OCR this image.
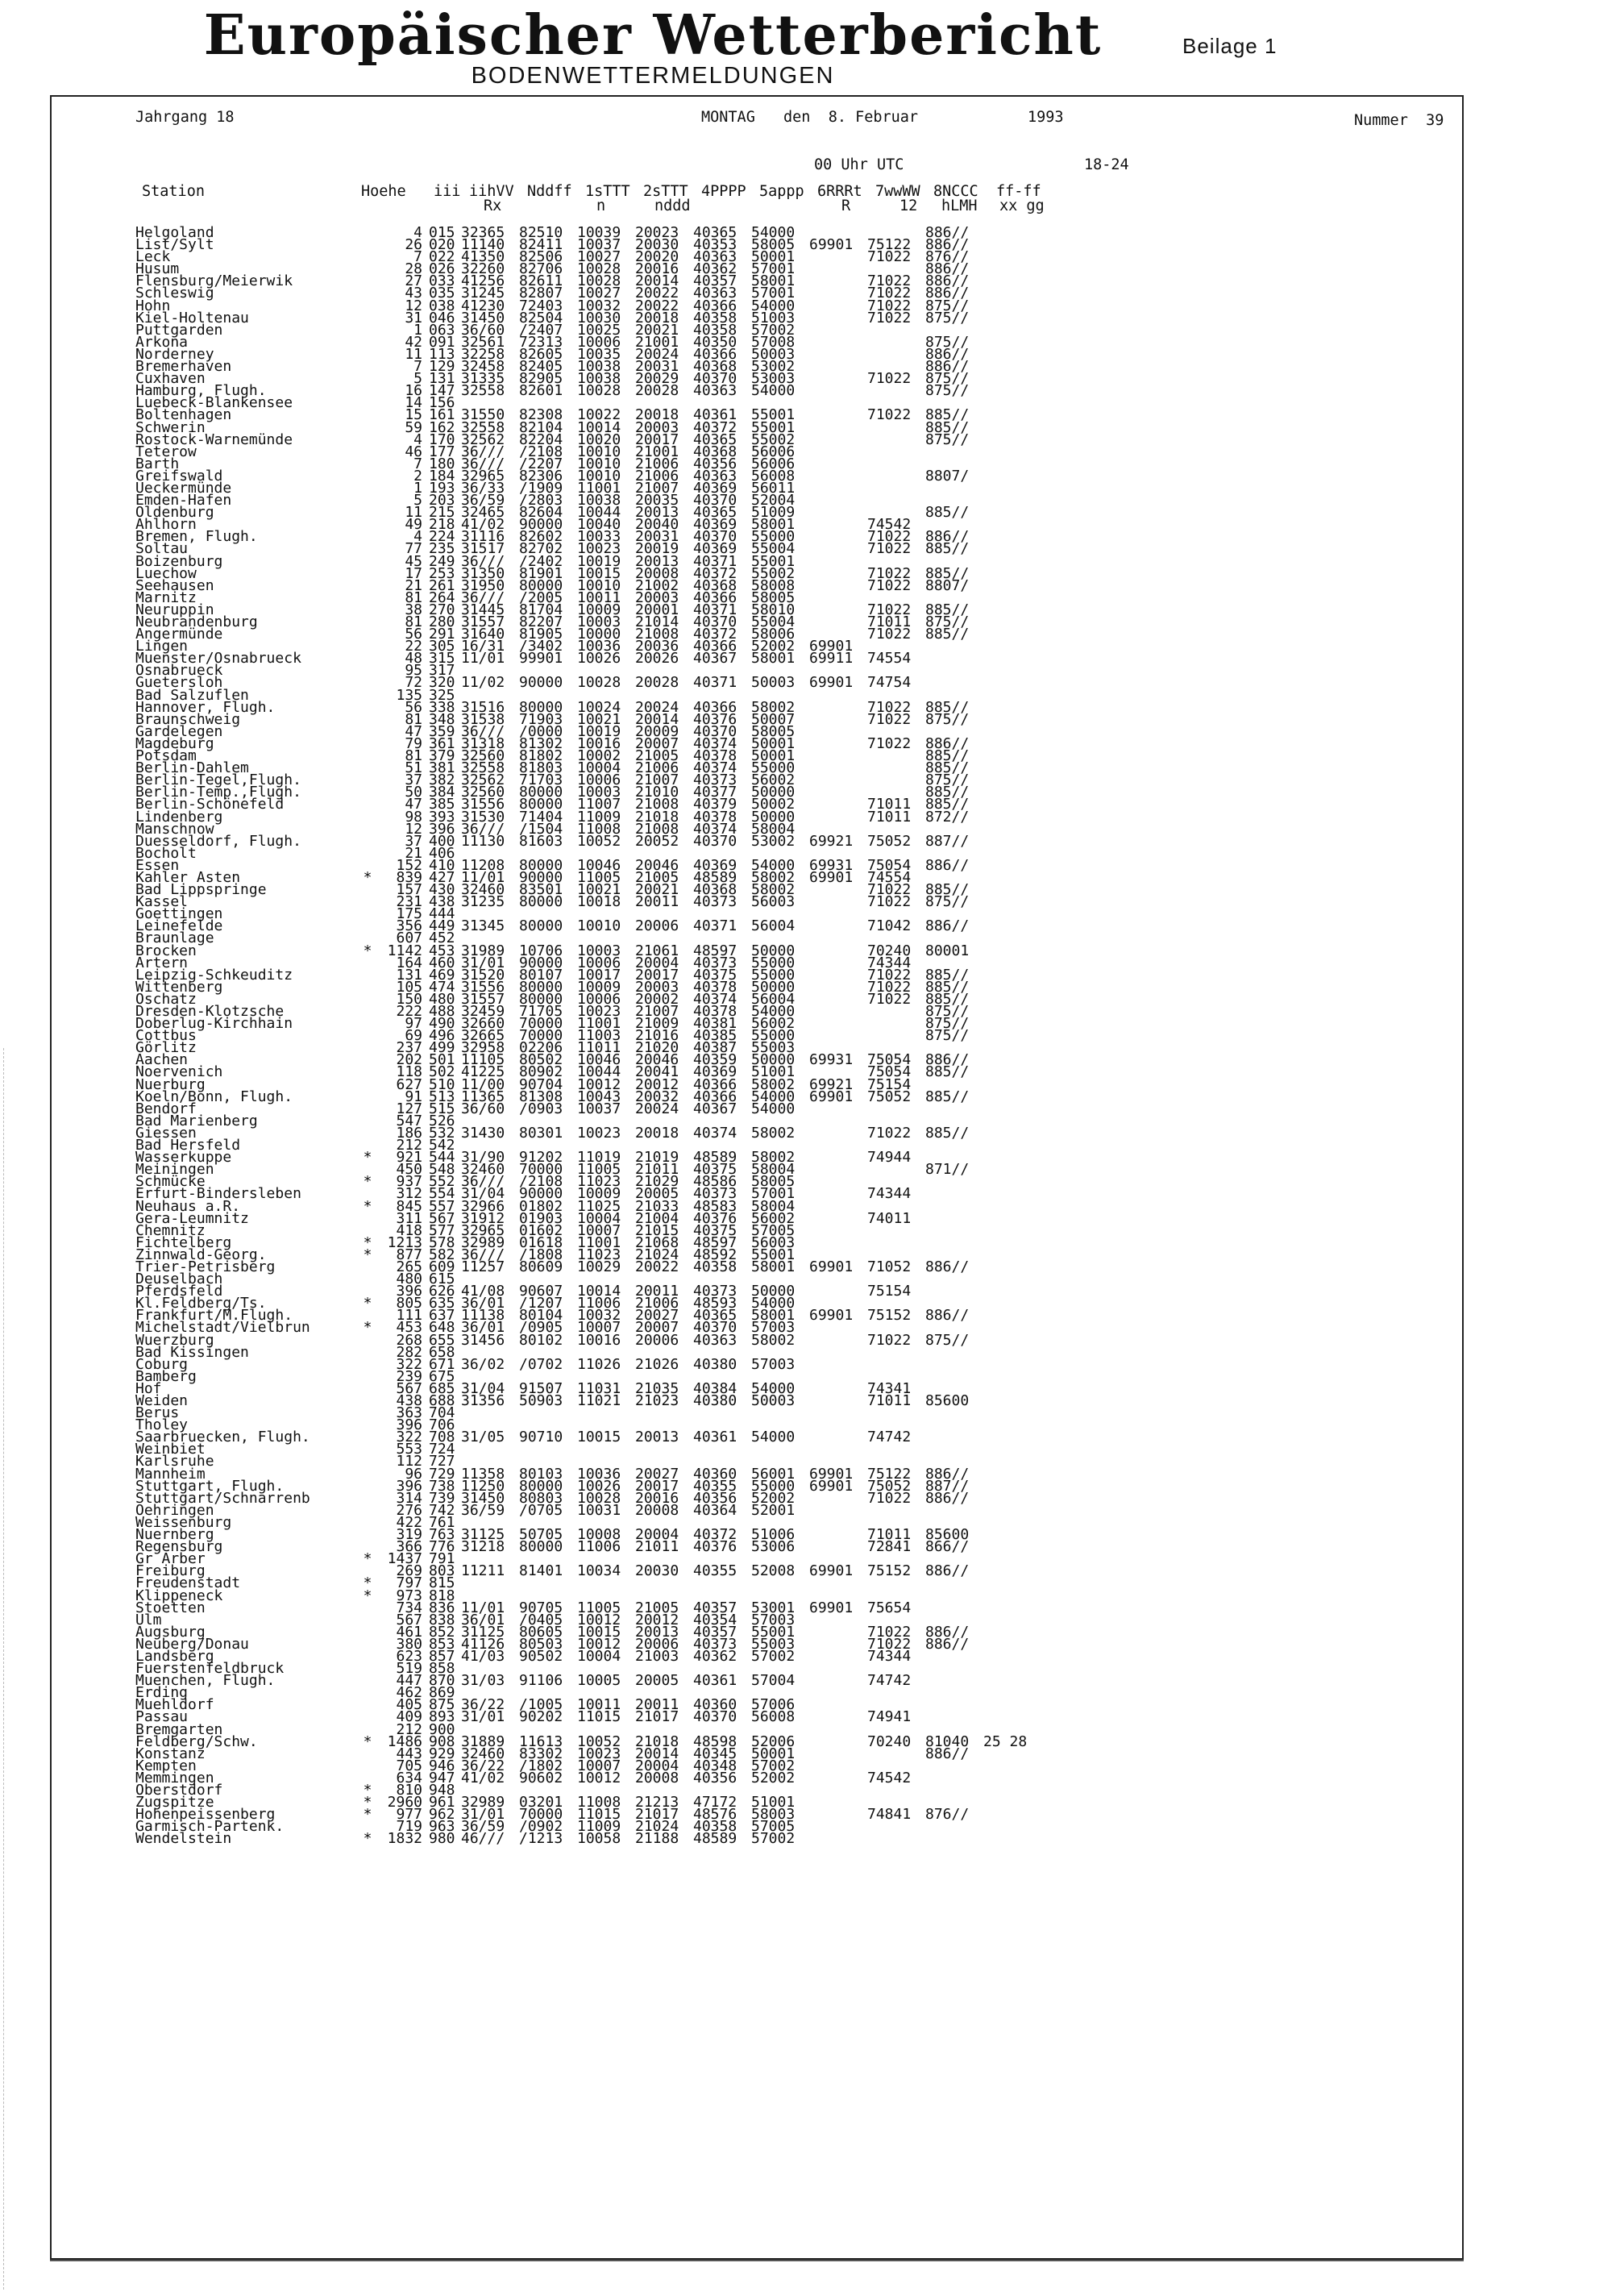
Europäischer Wetterbericht	Beilage 1
BODENWETTERMELDUNGEN
Jahrgang 18	MONTAG den  8. Februar	1993	Nummer  39
00 Uhr UTC	18-24
Station	Hoehe iii iihVV Nddff 1sTTT 2sTTT 4PPPP 5appp 6RRRt 7wwWW 8NCCC ff-ff
Rx	n	nddd	R	12 hLMH xx gg
Helgoland		4	015	32365	82510	10039	20023	40365	54000			886//	
List/Sylt		26	020	11140	82411	10037	20030	40353	58005	69901	75122	886//	
Leck		7	022	41350	82506	10027	20020	40363	50001		71022	876//	
Husum		28	026	32260	82706	10028	20016	40362	57001			886//	
Flensburg/Meierwik		27	033	41256	82611	10028	20014	40357	58001		71022	886//	
Schleswig		43	035	31245	82807	10027	20022	40363	57001		71022	886//	
Hohn		12	038	41230	72403	10032	20022	40366	54000		71022	875//	
Kiel-Holtenau		31	046	31450	82504	10030	20018	40358	51003		71022	875//	
Puttgarden		1	063	36/60	/2407	10025	20021	40358	57002				
Arkona		42	091	32561	72313	10006	21001	40350	57008			875//	
Norderney		11	113	32258	82605	10035	20024	40366	50003			886//	
Bremerhaven		7	129	32458	82405	10038	20031	40368	53002			886//	
Cuxhaven		5	131	31335	82905	10038	20029	40370	53003		71022	875//	
Hamburg, Flugh.		16	147	32558	82601	10028	20028	40363	54000			875//	
Luebeck-Blankensee		14	156										
Boltenhagen		15	161	31550	82308	10022	20018	40361	55001		71022	885//	
Schwerin		59	162	32558	82104	10014	20003	40372	55001			885//	
Rostock-Warnemünde		4	170	32562	82204	10020	20017	40365	55002			875//	
Teterow		46	177	36///	/2108	10010	21001	40368	56006				
Barth		7	180	36///	/2207	10010	21006	40356	56006				
Greifswald		2	184	32965	82306	10010	21006	40363	56008			8807/	
Ueckermünde		1	193	36/33	/1909	11001	21007	40369	56011				
Emden-Hafen		5	203	36/59	/2803	10038	20035	40370	52004				
Oldenburg		11	215	32465	82604	10044	20013	40365	51009			885//	
Ahlhorn		49	218	41/02	90000	10040	20040	40369	58001		74542		
Bremen, Flugh.		4	224	31116	82602	10033	20031	40370	55000		71022	886//	
Soltau		77	235	31517	82702	10023	20019	40369	55004		71022	885//	
Boizenburg		45	249	36///	/2402	10019	20013	40371	55001				
Luechow		17	253	31350	81901	10015	20008	40372	55002		71022	885//	
Seehausen		21	261	31950	80000	10010	21002	40368	58008		71022	8807/	
Marnitz		81	264	36///	/2005	10011	20003	40366	58005				
Neuruppin		38	270	31445	81704	10009	20001	40371	58010		71022	885//	
Neubrandenburg		81	280	31557	82207	10003	21014	40370	55004		71011	875//	
Angermünde		56	291	31640	81905	10000	21008	40372	58006		71022	885//	
Lingen		22	305	16/31	/3402	10036	20036	40366	52002	69901			
Muenster/Osnabrueck		48	315	11/01	99901	10026	20026	40367	58001	69911	74554		
Osnabrueck		95	317										
Guetersloh		72	320	11/02	90000	10028	20028	40371	50003	69901	74754		
Bad Salzuflen		135	325										
Hannover, Flugh.		56	338	31516	80000	10024	20024	40366	58002		71022	885//	
Braunschweig		81	348	31538	71903	10021	20014	40376	50007		71022	875//	
Gardelegen		47	359	36///	/0000	10019	20009	40370	58005				
Magdeburg		79	361	31318	81302	10016	20007	40374	50001		71022	886//	
Potsdam		81	379	32560	81802	10002	21005	40378	50001			885//	
Berlin-Dahlem		51	381	32558	81803	10004	21006	40374	55000			885//	
Berlin-Tegel,Flugh.		37	382	32562	71703	10006	21007	40373	56002			875//	
Berlin-Temp.,Flugh.		50	384	32560	80000	10003	21010	40377	50000			885//	
Berlin-Schönefeld		47	385	31556	80000	11007	21008	40379	50002		71011	885//	
Lindenberg		98	393	31530	71404	11009	21018	40378	50000		71011	872//	
Manschnow		12	396	36///	/1504	11008	21008	40374	58004				
Duesseldorf, Flugh.		37	400	11130	81603	10052	20052	40370	53002	69921	75052	887//	
Bocholt		21	406										
Essen		152	410	11208	80000	10046	20046	40369	54000	69931	75054	886//	
Kahler Asten	*	839	427	11/01	90000	11005	21005	48589	58002	69901	74554		
Bad Lippspringe		157	430	32460	83501	10021	20021	40368	58002		71022	885//	
Kassel		231	438	31235	80000	10018	20011	40373	56003		71022	875//	
Goettingen		175	444										
Leinefelde		356	449	31345	80000	10010	20006	40371	56004		71042	886//	
Braunlage		607	452										
Brocken	*	1142	453	31989	10706	10003	21061	48597	50000		70240	80001	
Artern		164	460	31/01	90000	10006	20004	40373	55000		74344		
Leipzig-Schkeuditz		131	469	31520	80107	10017	20017	40375	55000		71022	885//	
Wittenberg		105	474	31556	80000	10009	20003	40378	50000		71022	885//	
Oschatz		150	480	31557	80000	10006	20002	40374	56004		71022	885//	
Dresden-Klotzsche		222	488	32459	71705	10023	21007	40378	54000			875//	
Doberlug-Kirchhain		97	490	32660	70000	11001	21009	40381	56002			875//	
Cottbus		69	496	32665	70000	11003	21016	40385	55000			875//	
Görlitz		237	499	32958	02206	11011	21020	40387	55003				
Aachen		202	501	11105	80502	10046	20046	40359	50000	69931	75054	886//	
Noervenich		118	502	41225	80902	10044	20041	40369	51001		75054	885//	
Nuerburg		627	510	11/00	90704	10012	20012	40366	58002	69921	75154		
Koeln/Bonn, Flugh.		91	513	11365	81308	10043	20032	40366	54000	69901	75052	885//	
Bendorf		127	515	36/60	/0903	10037	20024	40367	54000				
Bad Marienberg		547	526										
Giessen		186	532	31430	80301	10023	20018	40374	58002		71022	885//	
Bad Hersfeld		212	542										
Wasserkuppe	*	921	544	31/90	91202	11019	21019	48589	58002		74944		
Meiningen		450	548	32460	70000	11005	21011	40375	58004			871//	
Schmücke	*	937	552	36///	/2108	11023	21029	48586	58005				
Erfurt-Bindersleben		312	554	31/04	90000	10009	20005	40373	57001		74344		
Neuhaus a.R.	*	845	557	32966	01802	11025	21033	48583	58004				
Gera-Leumnitz		311	567	31912	01903	10004	21004	40376	56002		74011		
Chemnitz		418	577	32965	01602	10007	21015	40375	57005				
Fichtelberg	*	1213	578	32989	01618	11001	21068	48597	56003				
Zinnwald-Georg.	*	877	582	36///	/1808	11023	21024	48592	55001				
Trier-Petrisberg		265	609	11257	80609	10029	20022	40358	58001	69901	71052	886//	
Deuselbach		480	615										
Pferdsfeld		396	626	41/08	90607	10014	20011	40373	50000		75154		
Kl.Feldberg/Ts.	*	805	635	36/01	/1207	11006	21006	48593	54000				
Frankfurt/M.Flugh.		111	637	11138	80104	10032	20027	40365	58001	69901	75152	886//	
Michelstadt/Vielbrun	*	453	648	36/01	/0905	10007	20007	40370	57003				
Wuerzburg		268	655	31456	80102	10016	20006	40363	58002		71022	875//	
Bad Kissingen		282	658										
Coburg		322	671	36/02	/0702	11026	21026	40380	57003				
Bamberg		239	675										
Hof		567	685	31/04	91507	11031	21035	40384	54000		74341		
Weiden		438	688	31356	50903	11021	21023	40380	50003		71011	85600	
Berus		363	704										
Tholey		396	706										
Saarbruecken, Flugh.		322	708	31/05	90710	10015	20013	40361	54000		74742		
Weinbiet		553	724										
Karlsruhe		112	727										
Mannheim		96	729	11358	80103	10036	20027	40360	56001	69901	75122	886//	
Stuttgart, Flugh.		396	738	11250	80000	10026	20017	40355	55000	69901	75052	887//	
Stuttgart/Schnarrenb		314	739	31450	80803	10028	20016	40356	52002		71022	886//	
Oehringen		276	742	36/59	/0705	10031	20008	40364	52001				
Weissenburg		422	761										
Nuernberg		319	763	31125	50705	10008	20004	40372	51006		71011	85600	
Regensburg		366	776	31218	80000	11006	21011	40376	53006		72841	866//	
Gr Arber	*	1437	791										
Freiburg		269	803	11211	81401	10034	20030	40355	52008	69901	75152	886//	
Freudenstadt	*	797	815										
Klippeneck	*	973	818										
Stoetten		734	836	11/01	90705	11005	21005	40357	53001	69901	75654		
Ulm		567	838	36/01	/0405	10012	20012	40354	57003				
Augsburg		461	852	31125	80605	10015	20013	40357	55001		71022	886//	
Neuberg/Donau		380	853	41126	80503	10012	20006	40373	55003		71022	886//	
Landsberg		623	857	41/03	90502	10004	21003	40362	57002		74344		
Fuerstenfeldbruck		519	858										
Muenchen, Flugh.		447	870	31/03	91106	10005	20005	40361	57004		74742		
Erding		462	869										
Muehldorf		405	875	36/22	/1005	10011	20011	40360	57006				
Passau		409	893	31/01	90202	11015	21017	40370	56008		74941		
Bremgarten		212	900										
Feldberg/Schw.	*	1486	908	31889	11613	10052	21018	48598	52006		70240	81040	25 28
Konstanz		443	929	32460	83302	10023	20014	40345	50001			886//	
Kempten		705	946	36/22	/1802	10007	20004	40348	57002				
Memmingen		634	947	41/02	90602	10012	20008	40356	52002		74542		
Oberstdorf	*	810	948										
Zugspitze	*	2960	961	32989	03201	11008	21213	47172	51001				
Hohenpeissenberg	*	977	962	31/01	70000	11015	21017	48576	58003		74841	876//	
Garmisch-Partenk.		719	963	36/59	/0902	11009	21024	40358	57005				
Wendelstein	*	1832	980	46///	/1213	10058	21188	48589	57002				
